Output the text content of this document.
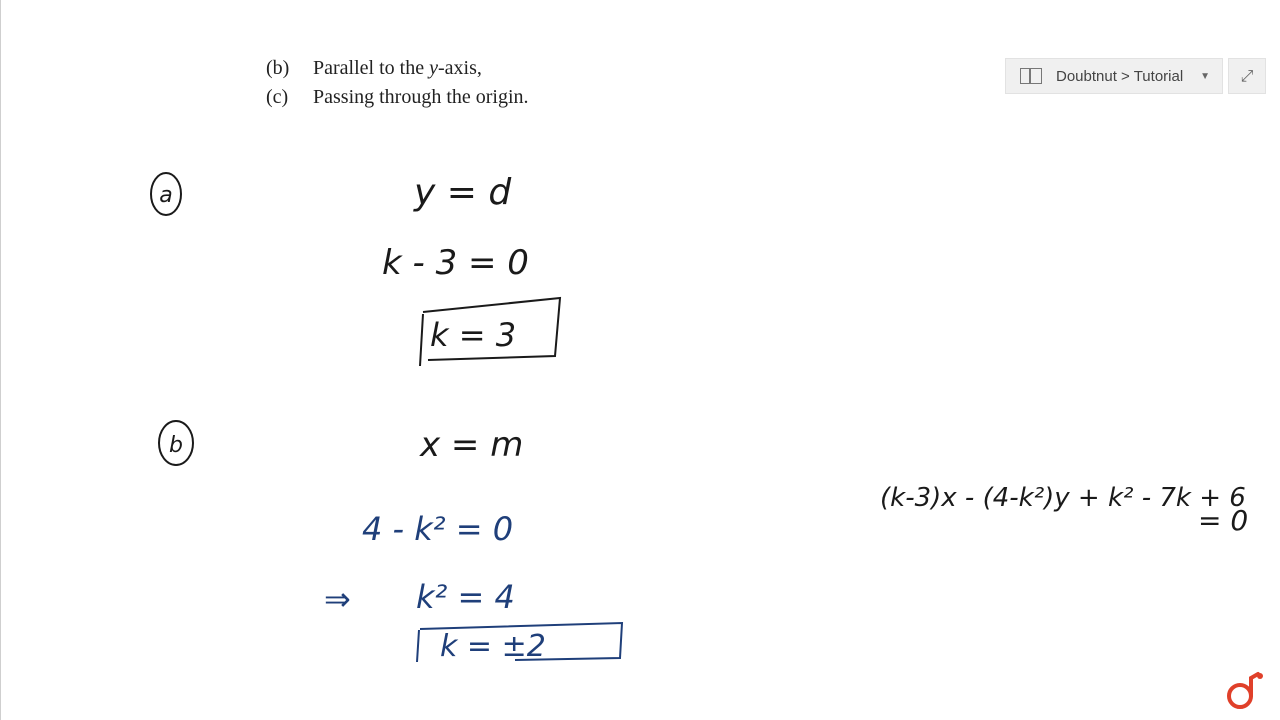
(b) Parallel to the y-axis,
(c) Passing through the origin.
Doubtnut > Tutorial ▼ ⤢
a	y = d
k - 3 = 0
k = 3
b	x = m
4 - k² = 0
⇒ k² = 4
k = ±2
(k-3)x - (4-k²)y + k² - 7k + 6
= 0
